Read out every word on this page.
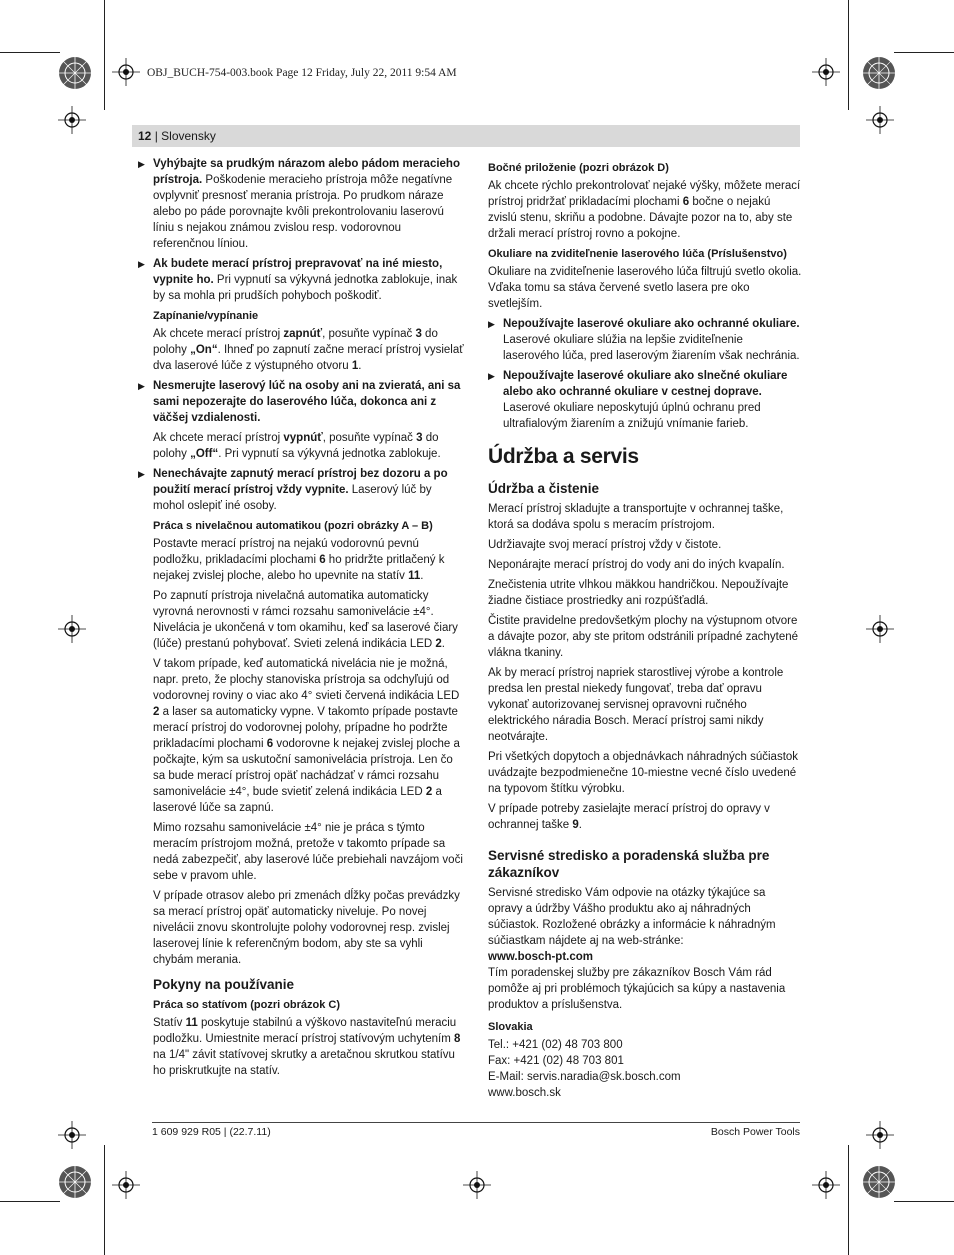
OBJ_BUCH-754-003.book Page 12 Friday, July 22, 2011 9:54 AM
12 | Slovensky
▶ Vyhýbajte sa prudkým nárazom alebo pádom meracieho prístroja. Poškodenie meracieho prístroja môže negatívne ovplyvniť presnosť merania prístroja. Po prudkom náraze alebo po páde porovnajte kvôli prekontrolovaniu laserovú líniu s nejakou známou zvislou resp. vodorovnou referenčnou líniou.
▶ Ak budete merací prístroj prepravovať na iné miesto, vypnite ho. Pri vypnutí sa výkyvná jednotka zablokuje, inak by sa mohla pri prudších pohyboch poškodiť.
Zapínanie/vypínanie
Ak chcete merací prístroj zapnúť, posuňte vypínač 3 do polohy „On“. Ihneď po zapnutí začne merací prístroj vysielať dva laserové lúče z výstupného otvoru 1.
▶ Nesmerujte laserový lúč na osoby ani na zvieratá, ani sa sami nepozerajte do laserového lúča, dokonca ani z väčšej vzdialenosti.
Ak chcete merací prístroj vypnúť, posuňte vypínač 3 do polohy „Off“. Pri vypnutí sa výkyvná jednotka zablokuje.
▶ Nenechávajte zapnutý merací prístroj bez dozoru a po použití merací prístroj vždy vypnite. Laserový lúč by mohol oslepiť iné osoby.
Práca s nivelačnou automatikou (pozri obrázky A – B)
Postavte merací prístroj na nejakú vodorovnú pevnú podložku, prikladacími plochami 6 ho pridržte pritlačený k nejakej zvislej ploche, alebo ho upevnite na statív 11.
Po zapnutí prístroja nivelačná automatika automaticky vyrovná nerovnosti v rámci rozsahu samonivelácie ±4°. Nivelácia je ukončená v tom okamihu, keď sa laserové čiary (lúče) prestanú pohybovať. Svieti zelená indikácia LED 2.
V takom prípade, keď automatická nivelácia nie je možná, napr. preto, že plochy stanoviska prístroja sa odchyľujú od vodorovnej roviny o viac ako 4° svieti červená indikácia LED 2 a laser sa automaticky vypne. V takomto prípade postavte merací prístroj do vodorovnej polohy, prípadne ho podržte prikladacími plochami 6 vodorovne k nejakej zvislej ploche a počkajte, kým sa uskutoční samonivelácia prístroja. Len čo sa bude merací prístroj opäť nachádzať v rámci rozsahu samonivelácie ±4°, bude svietiť zelená indikácia LED 2 a laserové lúče sa zapnú.
Mimo rozsahu samonivelácie ±4° nie je práca s týmto meracím prístrojom možná, pretože v takomto prípade sa nedá zabezpečiť, aby laserové lúče prebiehali navzájom voči sebe v pravom uhle.
V prípade otrasov alebo pri zmenách dĺžky počas prevádzky sa merací prístroj opäť automaticky niveluje. Po novej nivelácii znovu skontrolujte polohy vodorovnej resp. zvislej laserovej línie k referenčným bodom, aby ste sa vyhli chybám merania.
Pokyny na používanie
Práca so statívom (pozri obrázok C)
Statív 11 poskytuje stabilnú a výškovo nastaviteľnú meraciu podložku. Umiestnite merací prístroj statívovým uchytením 8 na 1/4" závit statívovej skrutky a aretačnou skrutkou statívu ho priskrutkujte na statív.
Bočné priloženie (pozri obrázok D)
Ak chcete rýchlo prekontrolovať nejaké výšky, môžete merací prístroj pridržať prikladacími plochami 6 bočne o nejakú zvislú stenu, skriňu a podobne. Dávajte pozor na to, aby ste držali merací prístroj rovno a pokojne.
Okuliare na zviditeľnenie laserového lúča (Príslušenstvo)
Okuliare na zviditeľnenie laserového lúča filtrujú svetlo okolia. Vďaka tomu sa stáva červené svetlo lasera pre oko svetlejším.
▶ Nepoužívajte laserové okuliare ako ochranné okuliare.
Laserové okuliare slúžia na lepšie zviditeľnenie laserového lúča, pred laserovým žiarením však nechránia.
▶ Nepoužívajte laserové okuliare ako slnečné okuliare alebo ako ochranné okuliare v cestnej doprave.
Laserové okuliare neposkytujú úplnú ochranu pred ultrafialovým žiarením a znižujú vnímanie farieb.
Údržba a servis
Údržba a čistenie
Merací prístroj skladujte a transportujte v ochrannej taške, ktorá sa dodáva spolu s meracím prístrojom.
Udržiavajte svoj merací prístroj vždy v čistote.
Neponárajte merací prístroj do vody ani do iných kvapalín.
Znečistenia utrite vlhkou mäkkou handričkou. Nepoužívajte žiadne čistiace prostriedky ani rozpúšťadlá.
Čistite pravidelne predovšetkým plochy na výstupnom otvore a dávajte pozor, aby ste pritom odstránili prípadné zachytené vlákna tkaniny.
Ak by merací prístroj napriek starostlivej výrobe a kontrole predsa len prestal niekedy fungovať, treba dať opravu vykonať autorizovanej servisnej opravovni ručného elektrického náradia Bosch. Merací prístroj sami nikdy neotvárajte.
Pri všetkých dopytoch a objednávkach náhradných súčiastok uvádzajte bezpodmienečne 10-miestne vecné číslo uvedené na typovom štítku výrobku.
V prípade potreby zasielajte merací prístroj do opravy v ochrannej taške 9.
Servisné stredisko a poradenská služba pre zákazníkov
Servisné stredisko Vám odpovie na otázky týkajúce sa opravy a údržby Vášho produktu ako aj náhradných súčiastok. Rozložené obrázky a informácie k náhradným súčiastkam nájdete aj na web-stránke:
www.bosch-pt.com
Tím poradenskej služby pre zákazníkov Bosch Vám rád pomôže aj pri problémoch týkajúcich sa kúpy a nastavenia produktov a príslušenstva.
Slovakia
Tel.: +421 (02) 48 703 800
Fax: +421 (02) 48 703 801
E-Mail: servis.naradia@sk.bosch.com
www.bosch.sk
1 609 929 R05 | (22.7.11)	Bosch Power Tools
